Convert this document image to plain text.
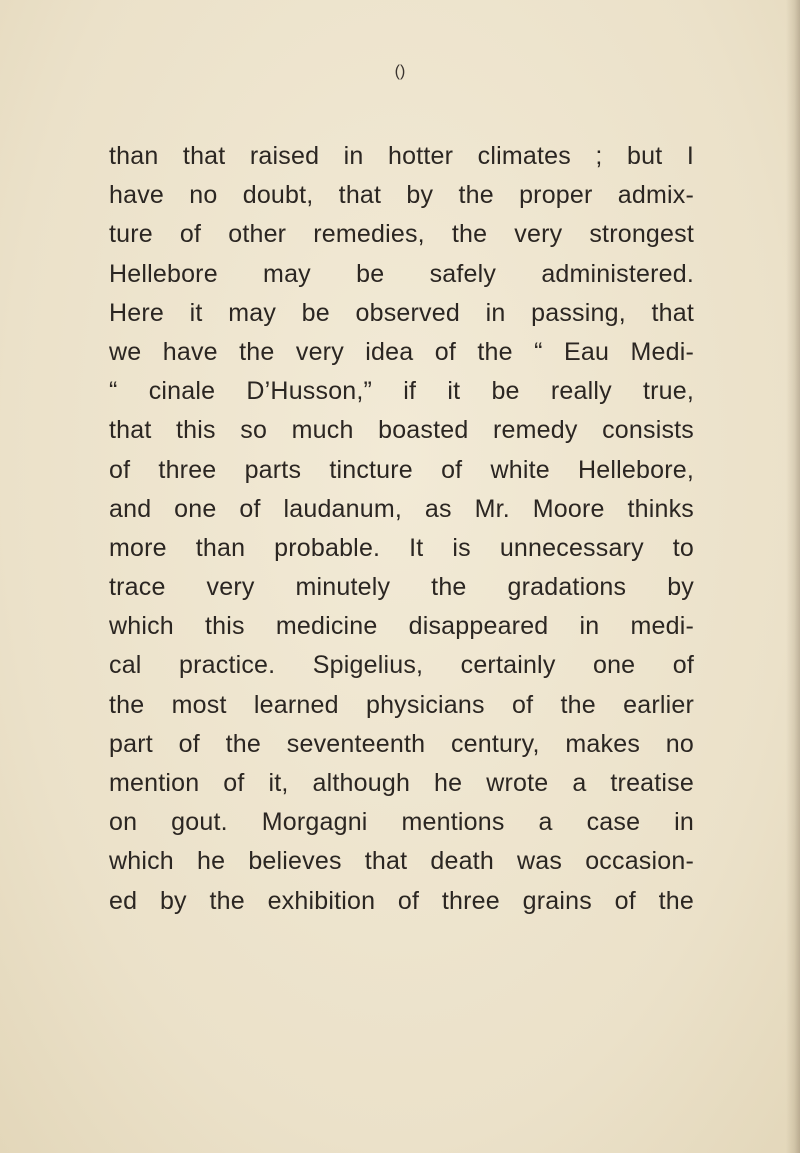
()
than that raised in hotter climates ; but I
have no doubt, that by the proper admix-
ture of other remedies, the very strongest
Hellebore may be safely administered.
Here it may be observed in passing, that
we have the very idea of the “ Eau Medi-
“ cinale D’Husson,” if it be really true,
that this so much boasted remedy consists
of three parts tincture of white Hellebore,
and one of laudanum, as Mr. Moore thinks
more than probable. It is unnecessary to
trace very minutely the gradations by
which this medicine disappeared in medi-
cal practice. Spigelius, certainly one of
the most learned physicians of the earlier
part of the seventeenth century, makes no
mention of it, although he wrote a treatise
on gout. Morgagni mentions a case in
which he believes that death was occasion-
ed by the exhibition of three grains of the
